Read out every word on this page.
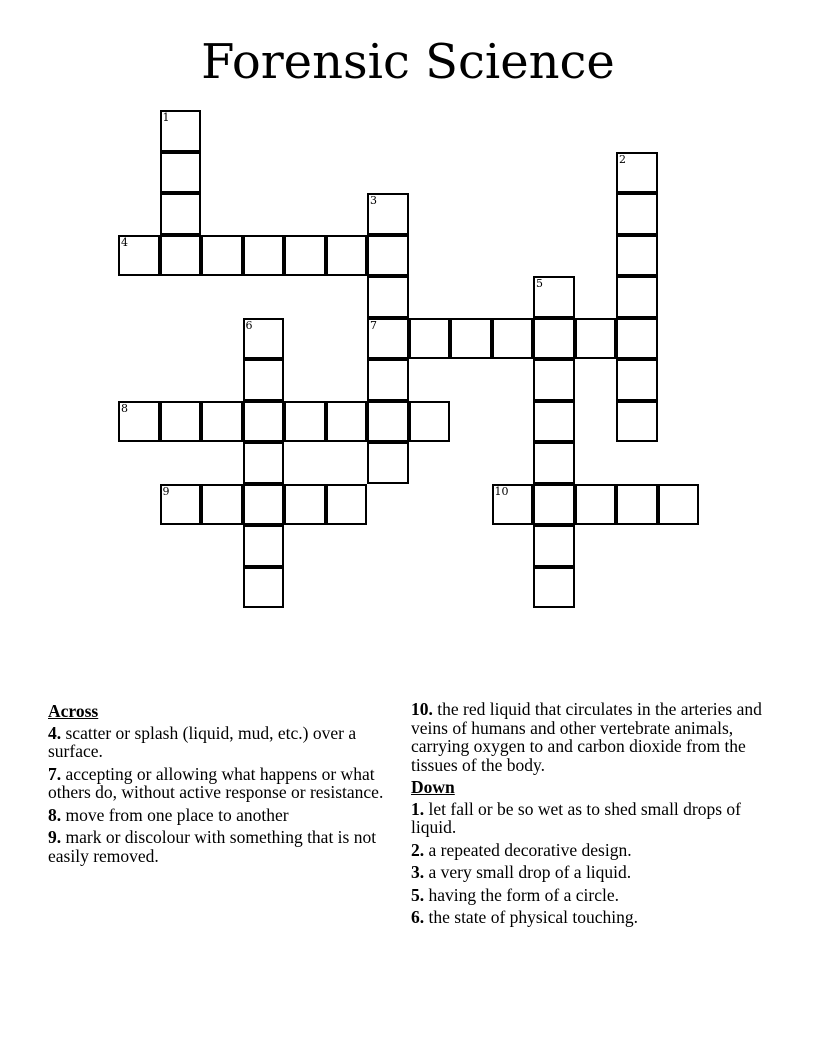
Forensic Science
1
2
3
7
4
5
6
8
9	10
Across
4. scatter or splash (liquid, mud, etc.) over a surface.
7. accepting or allowing what happens or what others do, without active response or resistance.
8. move from one place to another
9. mark or discolour with something that is not easily removed.
10. the red liquid that circulates in the arteries and veins of humans and other vertebrate animals, carrying oxygen to and carbon dioxide from the tissues of the body.
Down
1. let fall or be so wet as to shed small drops of liquid.
2. a repeated decorative design.
3. a very small drop of a liquid.
5. having the form of a circle.
6. the state of physical touching.
